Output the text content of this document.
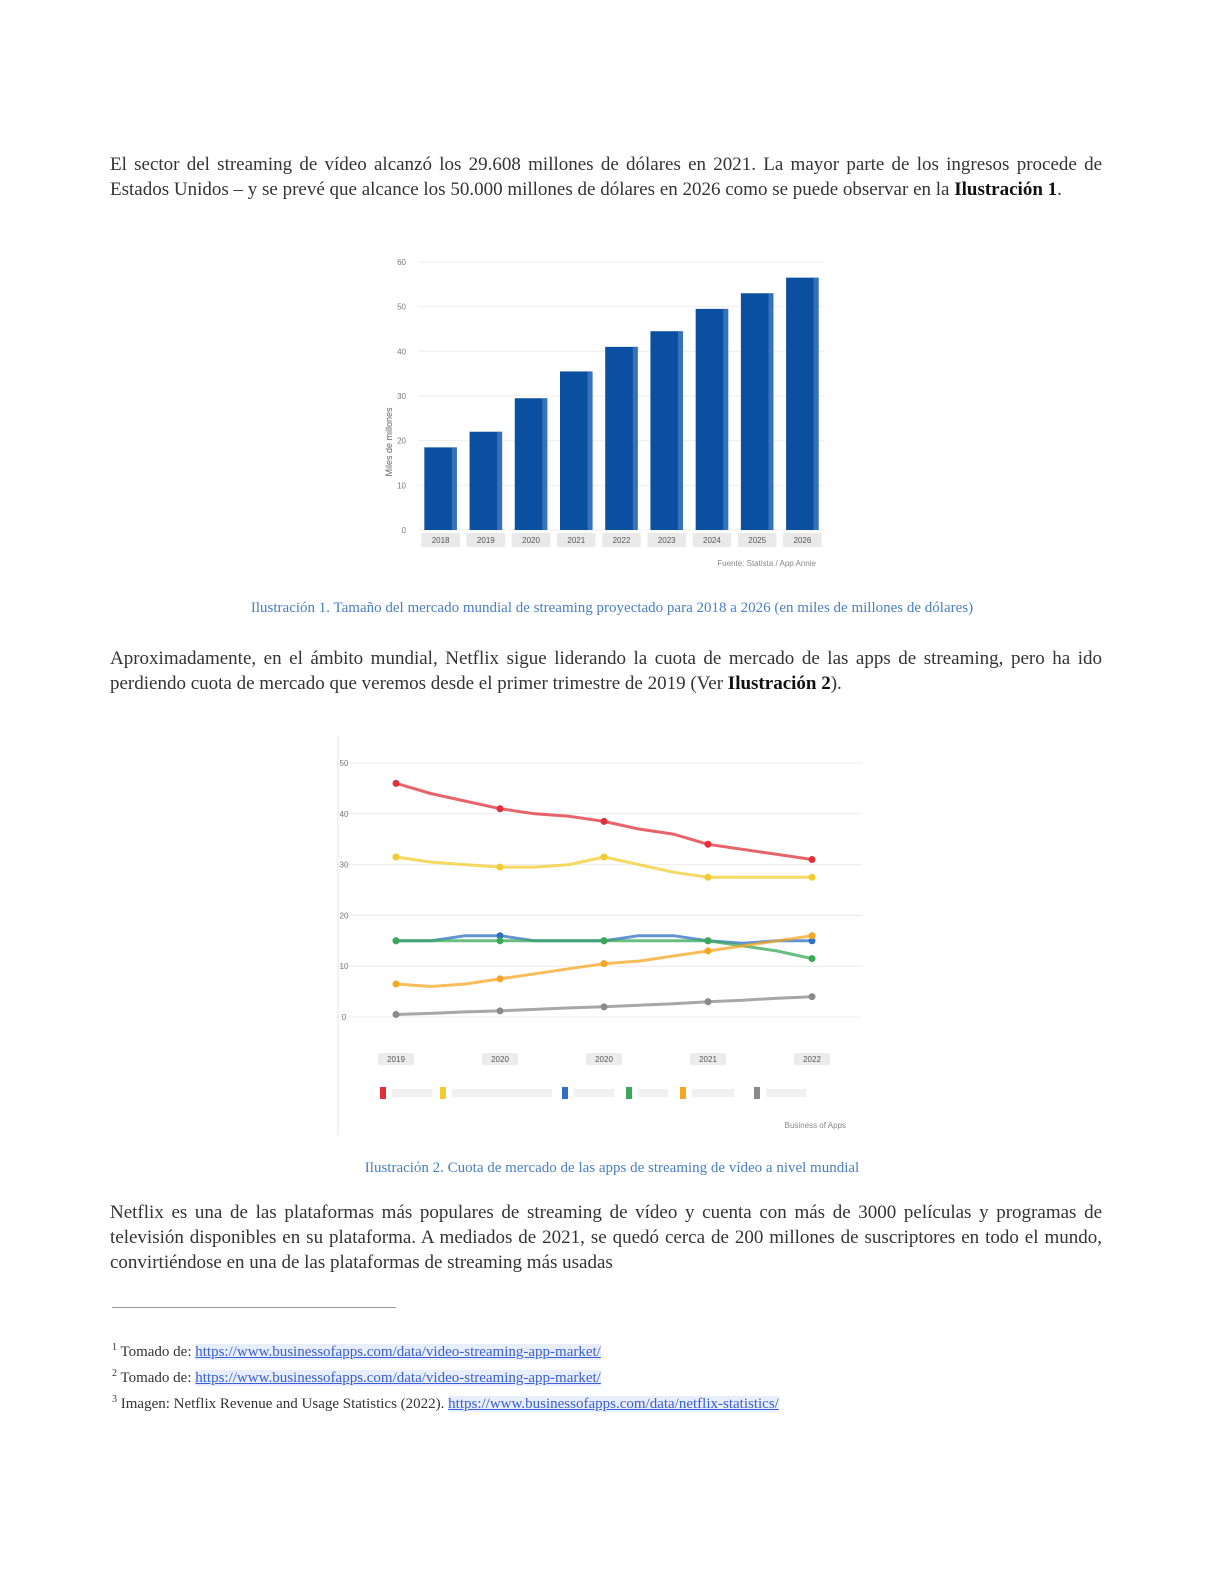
El sector del streaming de vídeo alcanzó los 29.608 millones de dólares en 2021. La mayor parte de los ingresos procede de Estados Unidos – y se prevé que alcance los 50.000 millones de dólares en 2026 como se puede observar en la Ilustración 1.
0
10
20
30
40
50
60
2018	2019	2020	2021	2022	2023	2024	2025	2026
Miles de millones
Fuente: Statista / App Annie
Ilustración 1. Tamaño del mercado mundial de streaming proyectado para 2018 a 2026 (en miles de millones de dólares)
Aproximadamente, en el ámbito mundial, Netflix sigue liderando la cuota de mercado de las apps de streaming, pero ha ido perdiendo cuota de mercado que veremos desde el primer trimestre de 2019 (Ver Ilustración 2).
0
10
20
30
40
50
2019	2020	2020	2021	2022
Business of Apps
Ilustración 2. Cuota de mercado de las apps de streaming de vídeo a nivel mundial
Netflix es una de las plataformas más populares de streaming de vídeo y cuenta con más de 3000 películas y programas de televisión disponibles en su plataforma. A mediados de 2021, se quedó cerca de 200 millones de suscriptores en todo el mundo, convirtiéndose en una de las plataformas de streaming más usadas
$^1$ Tomado de: https://www.businessofapps.com/data/video-streaming-app-market/
$^2$ Tomado de: https://www.businessofapps.com/data/video-streaming-app-market/
$^3$ Imagen: Netflix Revenue and Usage Statistics (2022). https://www.businessofapps.com/data/netflix-statistics/
